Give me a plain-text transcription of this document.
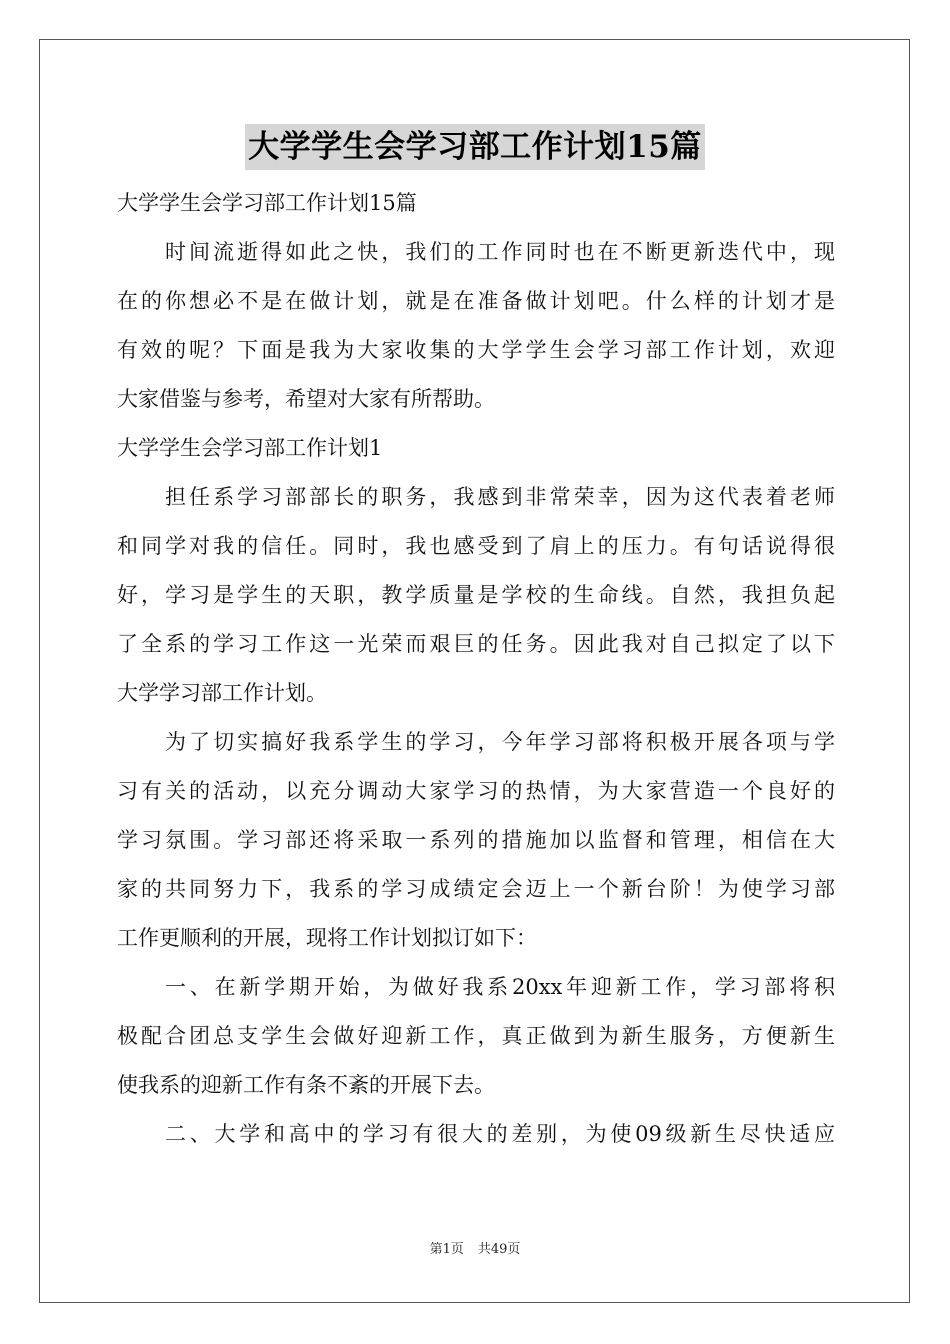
大学学生会学习部工作计划15篇
大学学生会学习部工作计划15篇
时间流逝得如此之快，我们的工作同时也在不断更新迭代中，现
在的你想必不是在做计划，就是在准备做计划吧。什么样的计划才是
有效的呢？下面是我为大家收集的大学学生会学习部工作计划，欢迎
大家借鉴与参考，希望对大家有所帮助。
大学学生会学习部工作计划1
担任系学习部部长的职务，我感到非常荣幸，因为这代表着老师
和同学对我的信任。同时，我也感受到了肩上的压力。有句话说得很
好，学习是学生的天职，教学质量是学校的生命线。自然，我担负起
了全系的学习工作这一光荣而艰巨的任务。因此我对自己拟定了以下
大学学习部工作计划。
为了切实搞好我系学生的学习，今年学习部将积极开展各项与学
习有关的活动，以充分调动大家学习的热情，为大家营造一个良好的
学习氛围。学习部还将采取一系列的措施加以监督和管理，相信在大
家的共同努力下，我系的学习成绩定会迈上一个新台阶！为使学习部
工作更顺利的开展，现将工作计划拟订如下：
一、在新学期开始，为做好我系20xx年迎新工作，学习部将积
极配合团总支学生会做好迎新工作，真正做到为新生服务，方便新生
使我系的迎新工作有条不紊的开展下去。
二、大学和高中的学习有很大的差别，为使09级新生尽快适应
第1页 共49页
